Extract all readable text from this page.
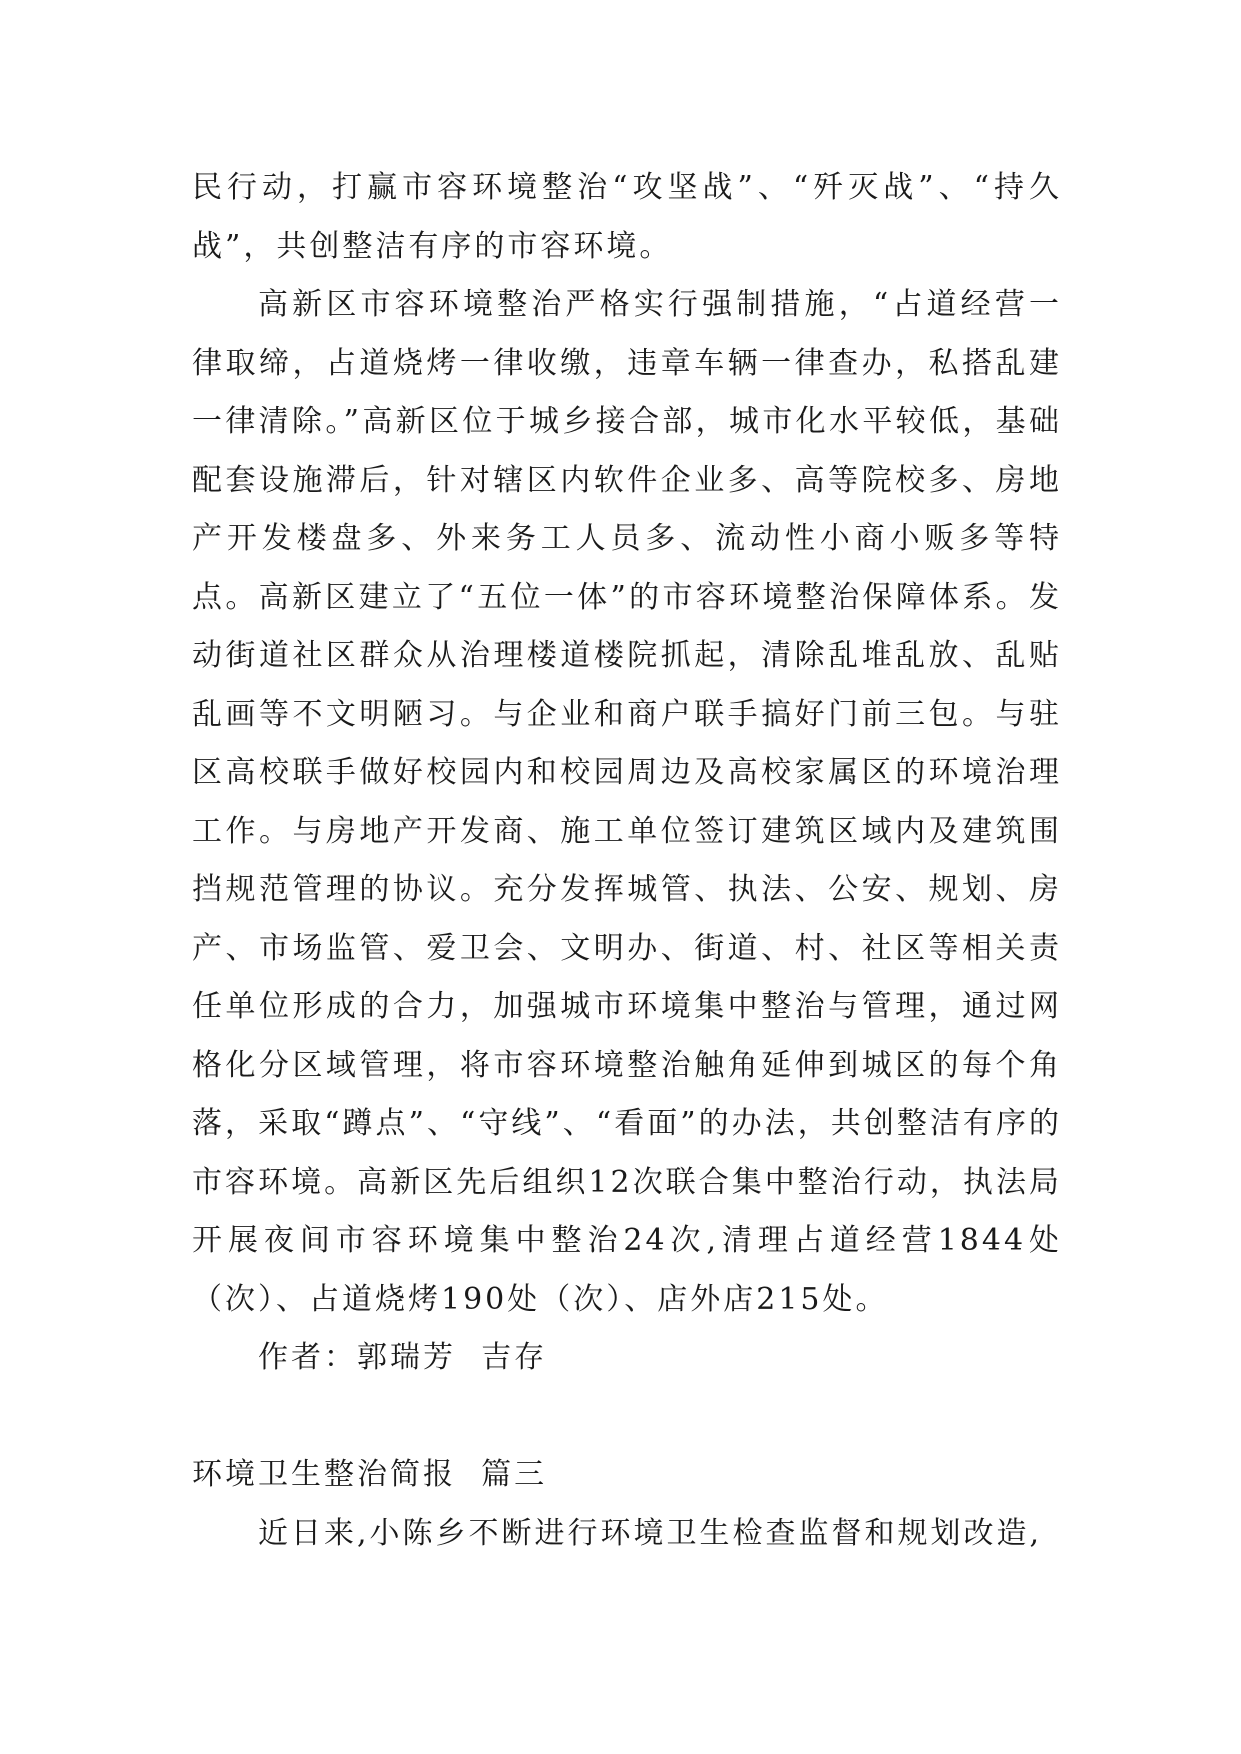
民行动，打赢市容环境整治“攻坚战”、“歼灭战”、“持久战”，共创整洁有序的市容环境。

高新区市容环境整治严格实行强制措施，“占道经营一律取缔，占道烧烤一律收缴，违章车辆一律查办，私搭乱建一律清除。”高新区位于城乡接合部，城市化水平较低，基础配套设施滞后，针对辖区内软件企业多、高等院校多、房地产开发楼盘多、外来务工人员多、流动性小商小贩多等特点。高新区建立了“五位一体”的市容环境整治保障体系。发动街道社区群众从治理楼道楼院抓起，清除乱堆乱放、乱贴乱画等不文明陋习。与企业和商户联手搞好门前三包。与驻区高校联手做好校园内和校园周边及高校家属区的环境治理工作。与房地产开发商、施工单位签订建筑区域内及建筑围挡规范管理的协议。充分发挥城管、执法、公安、规划、房产、市场监管、爱卫会、文明办、街道、村、社区等相关责任单位形成的合力，加强城市环境集中整治与管理，通过网格化分区域管理，将市容环境整治触角延伸到城区的每个角落，采取“蹲点”、“守线”、“看面”的办法，共创整洁有序的市容环境。高新区先后组织12次联合集中整治行动，执法局开展夜间市容环境集中整治24次,清理占道经营1844处（次）、占道烧烤190处（次）、店外店215处。

作者：郭瑞芳  吉存

环境卫生整治简报  篇三

近日来,小陈乡不断进行环境卫生检查监督和规划改造,
